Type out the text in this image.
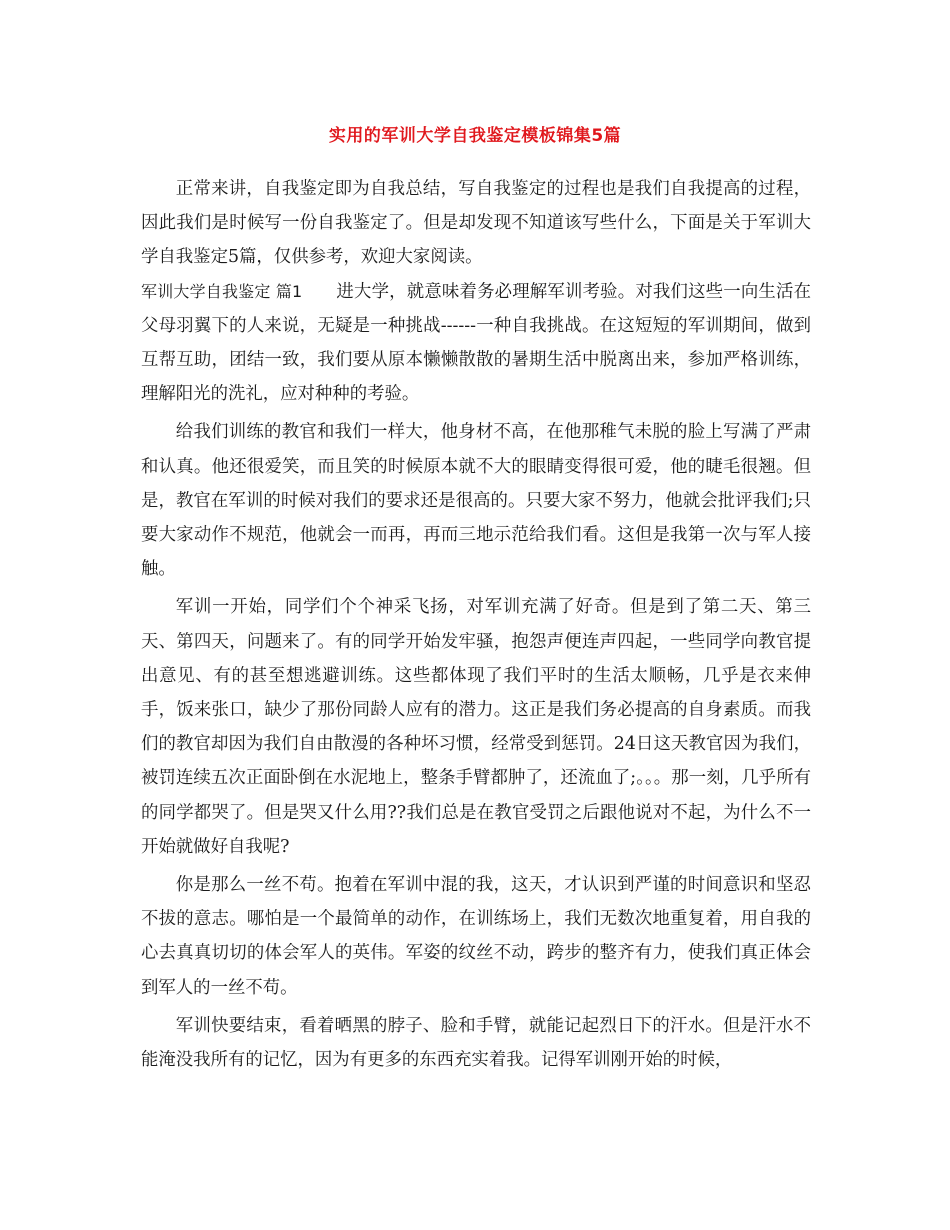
实用的军训大学自我鉴定模板锦集5篇

正常来讲，自我鉴定即为自我总结，写自我鉴定的过程也是我们自我提高的过程，因此我们是时候写一份自我鉴定了。但是却发现不知道该写些什么，下面是关于军训大学自我鉴定5篇，仅供参考，欢迎大家阅读。

军训大学自我鉴定 篇1 进大学，就意味着务必理解军训考验。对我们这些一向生活在父母羽翼下的人来说，无疑是一种挑战------一种自我挑战。在这短短的军训期间，做到互帮互助，团结一致，我们要从原本懒懒散散的暑期生活中脱离出来，参加严格训练，理解阳光的洗礼，应对种种的考验。

给我们训练的教官和我们一样大，他身材不高，在他那稚气未脱的脸上写满了严肃和认真。他还很爱笑，而且笑的时候原本就不大的眼睛变得很可爱，他的睫毛很翘。但是，教官在军训的时候对我们的要求还是很高的。只要大家不努力，他就会批评我们;只要大家动作不规范，他就会一而再，再而三地示范给我们看。这但是我第一次与军人接触。

军训一开始，同学们个个神采飞扬，对军训充满了好奇。但是到了第二天、第三天、第四天，问题来了。有的同学开始发牢骚，抱怨声便连声四起，一些同学向教官提出意见、有的甚至想逃避训练。这些都体现了我们平时的生活太顺畅，几乎是衣来伸手，饭来张口，缺少了那份同龄人应有的潜力。这正是我们务必提高的自身素质。而我们的教官却因为我们自由散漫的各种坏习惯，经常受到惩罚。24日这天教官因为我们，被罚连续五次正面卧倒在水泥地上，整条手臂都肿了，还流血了;。。。那一刻，几乎所有的同学都哭了。但是哭又什么用??我们总是在教官受罚之后跟他说对不起，为什么不一开始就做好自我呢?

你是那么一丝不苟。抱着在军训中混的我，这天，才认识到严谨的时间意识和坚忍不拔的意志。哪怕是一个最简单的动作，在训练场上，我们无数次地重复着，用自我的心去真真切切的体会军人的英伟。军姿的纹丝不动，跨步的整齐有力，使我们真正体会到军人的一丝不苟。

军训快要结束，看着晒黑的脖子、脸和手臂，就能记起烈日下的汗水。但是汗水不能淹没我所有的记忆，因为有更多的东西充实着我。记得军训刚开始的时候，
